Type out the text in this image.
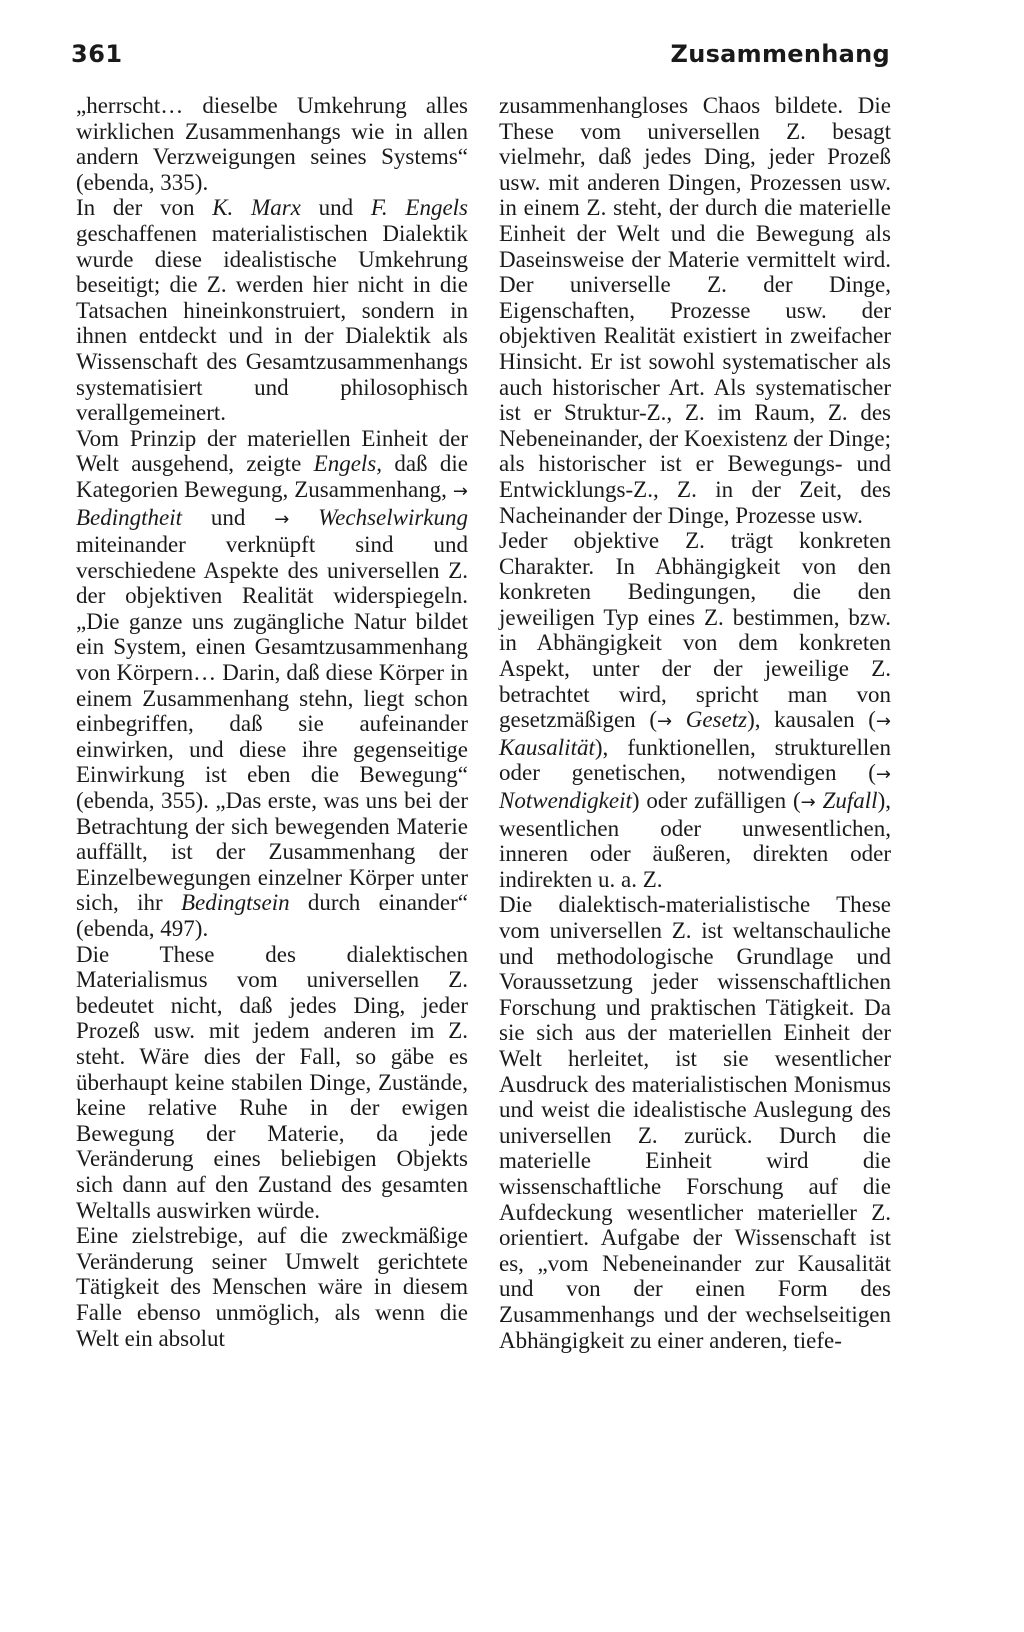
361	Zusammenhang

„herrscht… dieselbe Umkehrung alles wirklichen Zusammenhangs wie in allen andern Verzweigungen seines Systems“ (ebenda, 335).

In der von K. Marx und F. Engels geschaffenen materialistischen Dialektik wurde diese idealistische Umkehrung beseitigt; die Z. werden hier nicht in die Tatsachen hineinkonstruiert, sondern in ihnen entdeckt und in der Dialektik als Wissenschaft des Gesamtzusammenhangs systematisiert und philosophisch verallgemeinert.

Vom Prinzip der materiellen Einheit der Welt ausgehend, zeigte Engels, daß die Kategorien Bewegung, Zusammenhang, → Bedingtheit und → Wechselwirkung miteinander verknüpft sind und verschiedene Aspekte des universellen Z. der objektiven Realität widerspiegeln. „Die ganze uns zugängliche Natur bildet ein System, einen Gesamtzusammenhang von Körpern… Darin, daß diese Körper in einem Zusammenhang stehn, liegt schon einbegriffen, daß sie aufeinander einwirken, und diese ihre gegenseitige Einwirkung ist eben die Bewegung“ (ebenda, 355). „Das erste, was uns bei der Betrachtung der sich bewegenden Materie auffällt, ist der Zusammenhang der Einzelbewegungen einzelner Körper unter sich, ihr Bedingtsein durch einander“ (ebenda, 497).

Die These des dialektischen Materialismus vom universellen Z. bedeutet nicht, daß jedes Ding, jeder Prozeß usw. mit jedem anderen im Z. steht. Wäre dies der Fall, so gäbe es überhaupt keine stabilen Dinge, Zustände, keine relative Ruhe in der ewigen Bewegung der Materie, da jede Veränderung eines beliebigen Objekts sich dann auf den Zustand des gesamten Weltalls auswirken würde.

Eine zielstrebige, auf die zweckmäßige Veränderung seiner Umwelt gerichtete Tätigkeit des Menschen wäre in diesem Falle ebenso unmöglich, als wenn die Welt ein absolut

zusammenhangloses Chaos bildete. Die These vom universellen Z. besagt vielmehr, daß jedes Ding, jeder Prozeß usw. mit anderen Dingen, Prozessen usw. in einem Z. steht, der durch die materielle Einheit der Welt und die Bewegung als Daseinsweise der Materie vermittelt wird. Der universelle Z. der Dinge, Eigenschaften, Prozesse usw. der objektiven Realität existiert in zweifacher Hinsicht. Er ist sowohl systematischer als auch historischer Art. Als systematischer ist er Struktur-Z., Z. im Raum, Z. des Nebeneinander, der Koexistenz der Dinge; als historischer ist er Bewegungs- und Entwicklungs-Z., Z. in der Zeit, des Nacheinander der Dinge, Prozesse usw.

Jeder objektive Z. trägt konkreten Charakter. In Abhängigkeit von den konkreten Bedingungen, die den jeweiligen Typ eines Z. bestimmen, bzw. in Abhängigkeit von dem konkreten Aspekt, unter der der jeweilige Z. betrachtet wird, spricht man von gesetzmäßigen (→ Gesetz), kausalen (→ Kausalität), funktionellen, strukturellen oder genetischen, notwendigen (→ Notwendigkeit) oder zufälligen (→ Zufall), wesentlichen oder unwesentlichen, inneren oder äußeren, direkten oder indirekten u. a. Z.

Die dialektisch-materialistische These vom universellen Z. ist weltanschauliche und methodologische Grundlage und Voraussetzung jeder wissenschaftlichen Forschung und praktischen Tätigkeit. Da sie sich aus der materiellen Einheit der Welt herleitet, ist sie wesentlicher Ausdruck des materialistischen Monismus und weist die idealistische Auslegung des universellen Z. zurück. Durch die materielle Einheit wird die wissenschaftliche Forschung auf die Aufdeckung wesentlicher materieller Z. orientiert. Aufgabe der Wissenschaft ist es, „vom Nebeneinander zur Kausalität und von der einen Form des Zusammenhangs und der wechselseitigen Abhängigkeit zu einer anderen, tiefe-
